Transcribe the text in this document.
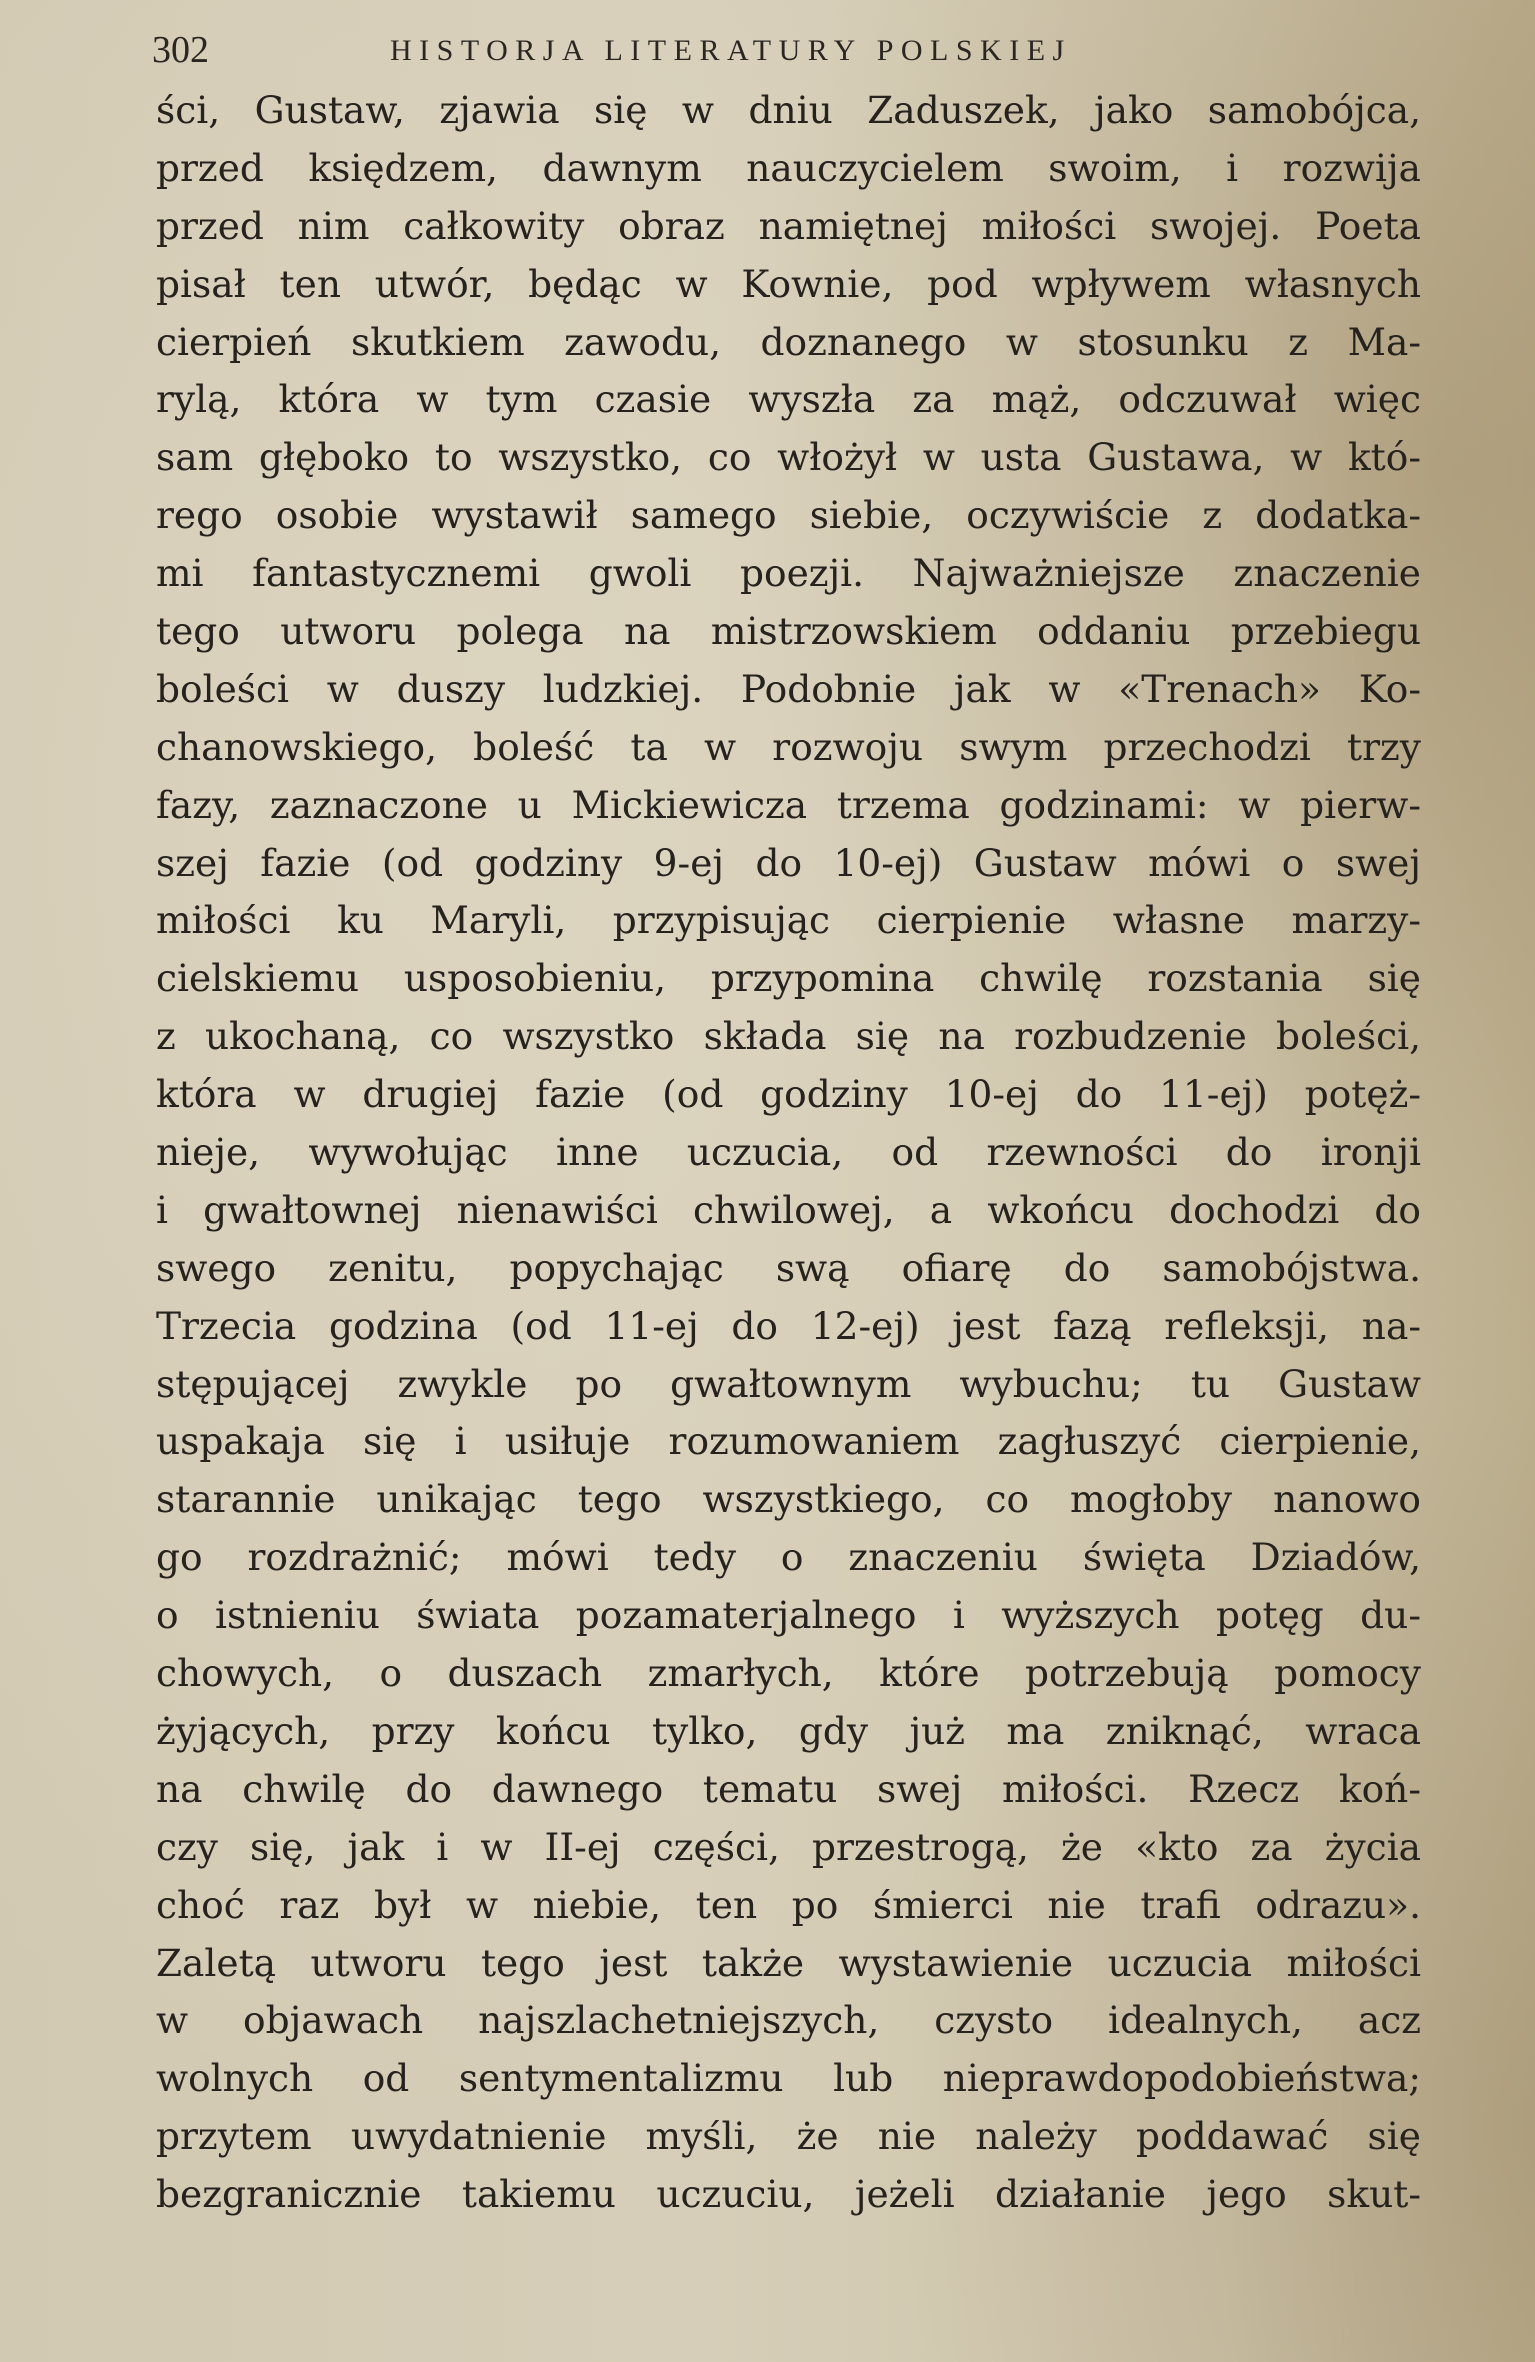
302	HISTORJA LITERATURY POLSKIEJ
ści, Gustaw, zjawia się w dniu Zaduszek, jako samobójca,
przed księdzem, dawnym nauczycielem swoim, i rozwija
przed nim całkowity obraz namiętnej miłości swojej. Poeta
pisał ten utwór, będąc w Kownie, pod wpływem własnych
cierpień skutkiem zawodu, doznanego w stosunku z Ma-
rylą, która w tym czasie wyszła za mąż, odczuwał więc
sam głęboko to wszystko, co włożył w usta Gustawa, w któ-
rego osobie wystawił samego siebie, oczywiście z dodatka-
mi fantastycznemi gwoli poezji. Najważniejsze znaczenie
tego utworu polega na mistrzowskiem oddaniu przebiegu
boleści w duszy ludzkiej. Podobnie jak w «Trenach» Ko-
chanowskiego, boleść ta w rozwoju swym przechodzi trzy
fazy, zaznaczone u Mickiewicza trzema godzinami: w pierw-
szej fazie (od godziny 9-ej do 10-ej) Gustaw mówi o swej
miłości ku Maryli, przypisując cierpienie własne marzy-
cielskiemu usposobieniu, przypomina chwilę rozstania się
z ukochaną, co wszystko składa się na rozbudzenie boleści,
która w drugiej fazie (od godziny 10-ej do 11-ej) potęż-
nieje, wywołując inne uczucia, od rzewności do ironji
i gwałtownej nienawiści chwilowej, a wkońcu dochodzi do
swego zenitu, popychając swą ofiarę do samobójstwa.
Trzecia godzina (od 11-ej do 12-ej) jest fazą refleksji, na-
stępującej zwykle po gwałtownym wybuchu; tu Gustaw
uspakaja się i usiłuje rozumowaniem zagłuszyć cierpienie,
starannie unikając tego wszystkiego, co mogłoby nanowo
go rozdrażnić; mówi tedy o znaczeniu święta Dziadów,
o istnieniu świata pozamaterjalnego i wyższych potęg du-
chowych, o duszach zmarłych, które potrzebują pomocy
żyjących, przy końcu tylko, gdy już ma zniknąć, wraca
na chwilę do dawnego tematu swej miłości. Rzecz koń-
czy się, jak i w II-ej części, przestrogą, że «kto za życia
choć raz był w niebie, ten po śmierci nie trafi odrazu».
Zaletą utworu tego jest także wystawienie uczucia miłości
w objawach najszlachetniejszych, czysto idealnych, acz
wolnych od sentymentalizmu lub nieprawdopodobieństwa;
przytem uwydatnienie myśli, że nie należy poddawać się
bezgranicznie takiemu uczuciu, jeżeli działanie jego skut-
